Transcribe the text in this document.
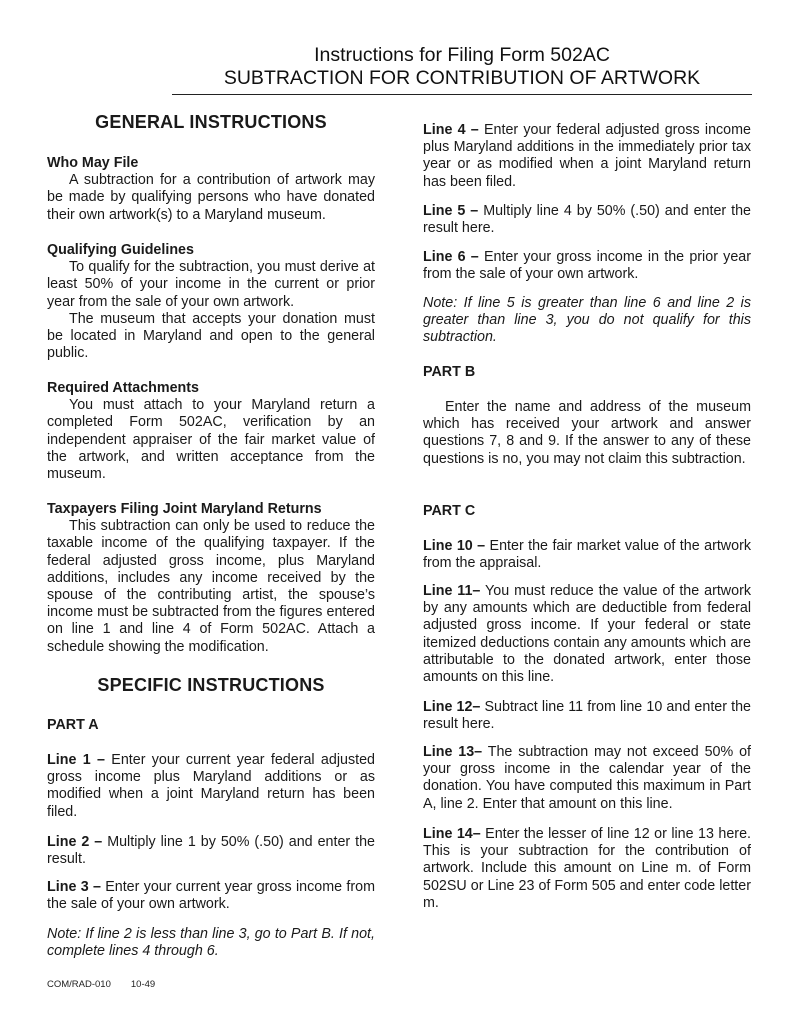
Instructions for Filing Form 502AC
SUBTRACTION FOR CONTRIBUTION OF ARTWORK
GENERAL INSTRUCTIONS
Who May File

A subtraction for a contribution of artwork may be made by qualifying persons who have donated their own artwork(s) to a Maryland museum.

Qualifying Guidelines

To qualify for the subtraction, you must derive at least 50% of your income in the current or prior year from the sale of your own artwork.

The museum that accepts your donation must be located in Maryland and open to the general public.

Required Attachments

You must attach to your Maryland return a completed Form 502AC, verification by an independent appraiser of the fair market value of the artwork, and written acceptance from the museum.

Taxpayers Filing Joint Maryland Returns

This subtraction can only be used to reduce the taxable income of the qualifying taxpayer. If the federal adjusted gross income, plus Maryland additions, includes any income received by the spouse of the contributing artist, the spouse’s income must be subtracted from the figures entered on line 1 and line 4 of Form 502AC. Attach a schedule showing the modification.

SPECIFIC INSTRUCTIONS
PART A

Line 1 – Enter your current year federal adjusted gross income plus Maryland additions or as modified when a joint Maryland return has been filed.

Line 2 – Multiply line 1 by 50% (.50) and enter the result.

Line 3 – Enter your current year gross income from the sale of your own artwork.

Note: If line 2 is less than line 3, go to Part B. If not, complete lines 4 through 6.

Line 4 – Enter your federal adjusted gross income plus Maryland additions in the immediately prior tax year or as modified when a joint Maryland return has been filed.

Line 5 – Multiply line 4 by 50% (.50) and enter the result here.

Line 6 – Enter your gross income in the prior year from the sale of your own artwork.

Note: If line 5 is greater than line 6 and line 2 is greater than line 3, you do not qualify for this subtraction.

PART B

Enter the name and address of the museum which has received your artwork and answer questions 7, 8 and 9. If the answer to any of these questions is no, you may not claim this subtraction.

PART C

Line 10 – Enter the fair market value of the artwork from the appraisal.

Line 11– You must reduce the value of the artwork by any amounts which are deductible from federal adjusted gross income. If your federal or state itemized deductions contain any amounts which are attributable to the donated artwork, enter those amounts on this line.

Line 12– Subtract line 11 from line 10 and enter the result here.

Line 13– The subtraction may not exceed 50% of your gross income in the calendar year of the donation. You have computed this maximum in Part A, line 2. Enter that amount on this line.

Line 14– Enter the lesser of line 12 or line 13 here. This is your subtraction for the contribution of artwork. Include this amount on Line m. of Form 502SU or Line 23 of Form 505 and enter code letter m.

COM/RAD-010 10-49
